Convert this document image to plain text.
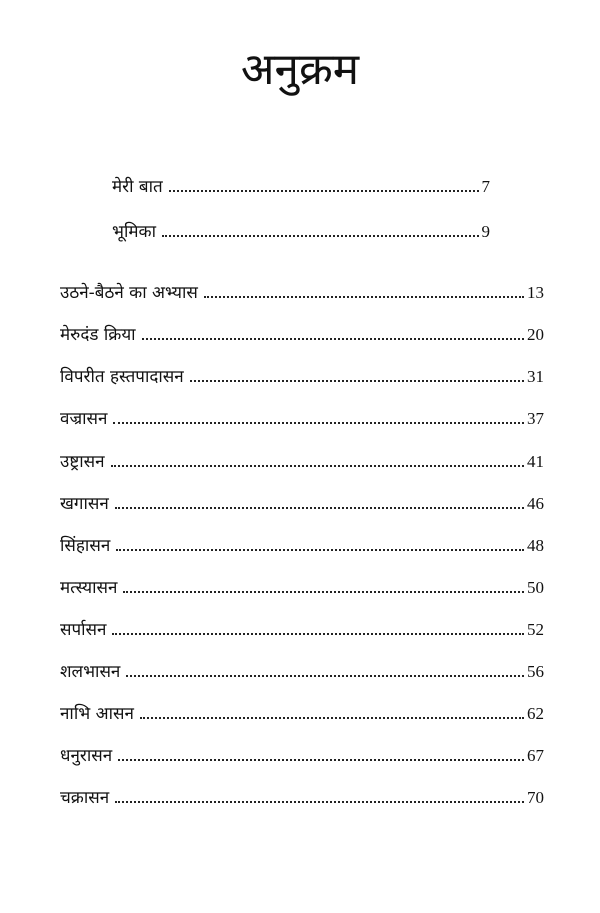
अनुक्रम
मेरी बात	7
भूमिका	9
उठने-बैठने का अभ्यास	13
मेरुदंड क्रिया	20
विपरीत हस्तपादासन	31
वज्रासन	37
उष्ट्रासन	41
खगासन	46
सिंहासन	48
मत्स्यासन	50
सर्पासन	52
शलभासन	56
नाभि आसन	62
धनुरासन	67
चक्रासन	70
